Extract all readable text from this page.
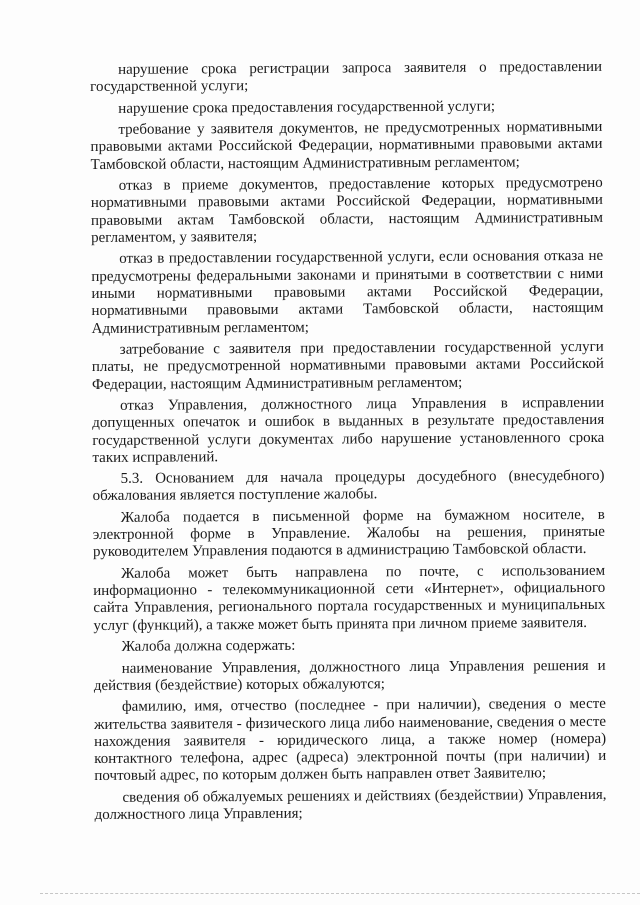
нарушение срока регистрации запроса заявителя о предоставлении государственной услуги;

нарушение срока предоставления государственной услуги;

требование у заявителя документов, не предусмотренных нормативными правовыми актами Российской Федерации, нормативными правовыми актами Тамбовской области, настоящим Административным регламентом;

отказ в приеме документов, предоставление которых предусмотрено нормативными правовыми актами Российской Федерации, нормативными правовыми актам Тамбовской области, настоящим Административным регламентом, у заявителя;

отказ в предоставлении государственной услуги, если основания отказа не предусмотрены федеральными законами и принятыми в соответствии с ними иными нормативными правовыми актами Российской Федерации, нормативными правовыми актами Тамбовской области, настоящим Административным регламентом;

затребование с заявителя при предоставлении государственной услуги платы, не предусмотренной нормативными правовыми актами Российской Федерации, настоящим Административным регламентом;

отказ Управления, должностного лица Управления в исправлении допущенных опечаток и ошибок в выданных в результате предоставления государственной услуги документах либо нарушение установленного срока таких исправлений.

5.3. Основанием для начала процедуры досудебного (внесудебного) обжалования является поступление жалобы.

Жалоба подается в письменной форме на бумажном носителе, в электронной форме в Управление. Жалобы на решения, принятые руководителем Управления подаются в администрацию Тамбовской области.

Жалоба может быть направлена по почте, с использованием информационно - телекоммуникационной сети «Интернет», официального сайта Управления, регионального портала государственных и муниципальных услуг (функций), а также может быть принята при личном приеме заявителя.

Жалоба должна содержать:

наименование Управления, должностного лица Управления решения и действия (бездействие) которых обжалуются;

фамилию, имя, отчество (последнее - при наличии), сведения о месте жительства заявителя - физического лица либо наименование, сведения о месте нахождения заявителя - юридического лица, а также номер (номера) контактного телефона, адрес (адреса) электронной почты (при наличии) и почтовый адрес, по которым должен быть направлен ответ Заявителю;

сведения об обжалуемых решениях и действиях (бездействии) Управления, должностного лица Управления;
